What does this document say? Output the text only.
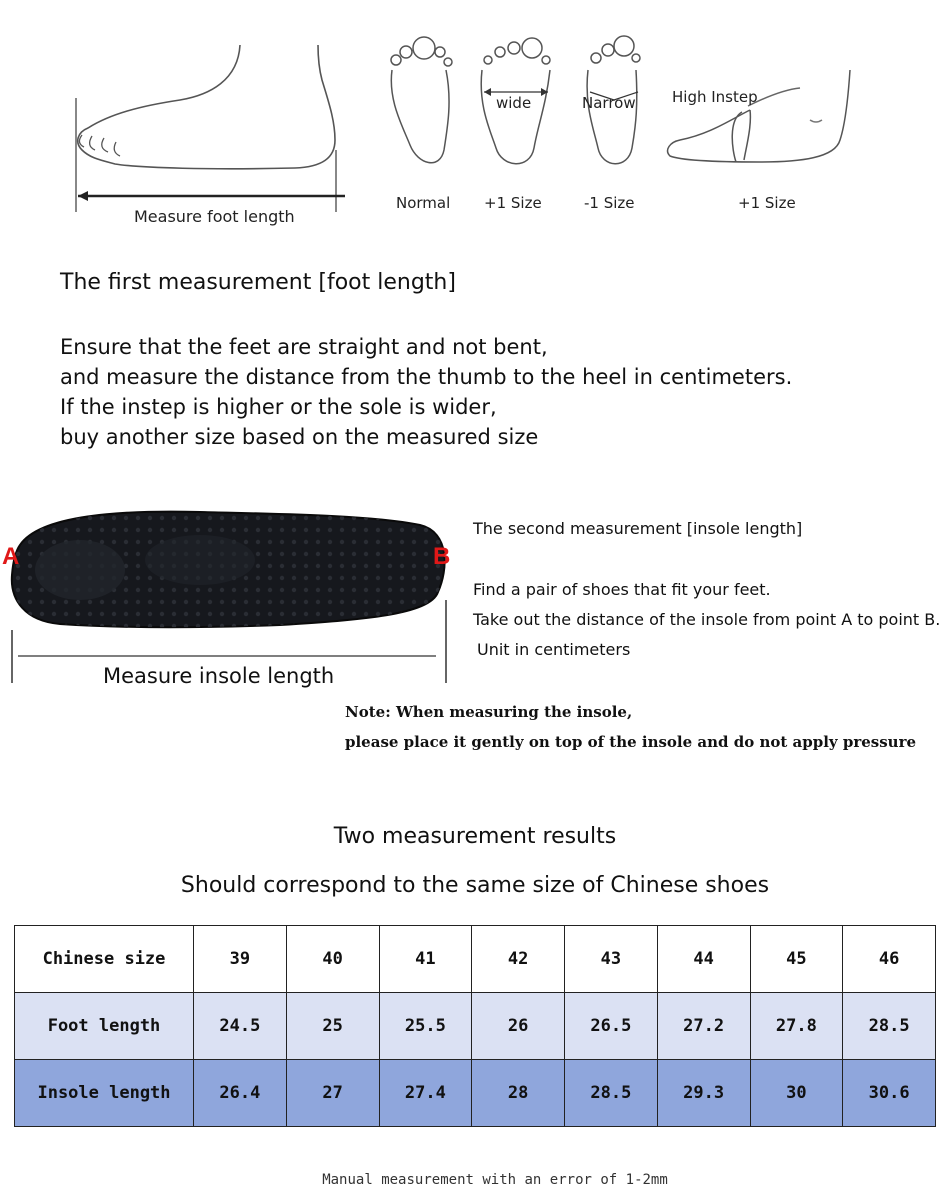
Measure foot length
wide	Narrow High Instep
Normal +1 Size	-1 Size	+1 Size
The first measurement [foot length]
Ensure that the feet are straight and not bent,
and measure the distance from the thumb to the heel in centimeters.
If the instep is higher or the sole is wider,
buy another size based on the measured size
A	B
Measure insole length
The second measurement [insole length]
Find a pair of shoes that fit your feet.
Take out the distance of the insole from point A to point B.
Unit in centimeters
Note: When measuring the insole,
please place it gently on top of the insole and do not apply pressure
Two measurement results
Should correspond to the same size of Chinese shoes
Chinese size	39	40	41	42	43	44	45	46
Foot length	24.5	25	25.5	26	26.5	27.2	27.8	28.5
Insole length	26.4	27	27.4	28	28.5	29.3	30	30.6
Manual measurement with an error of 1-2mm
